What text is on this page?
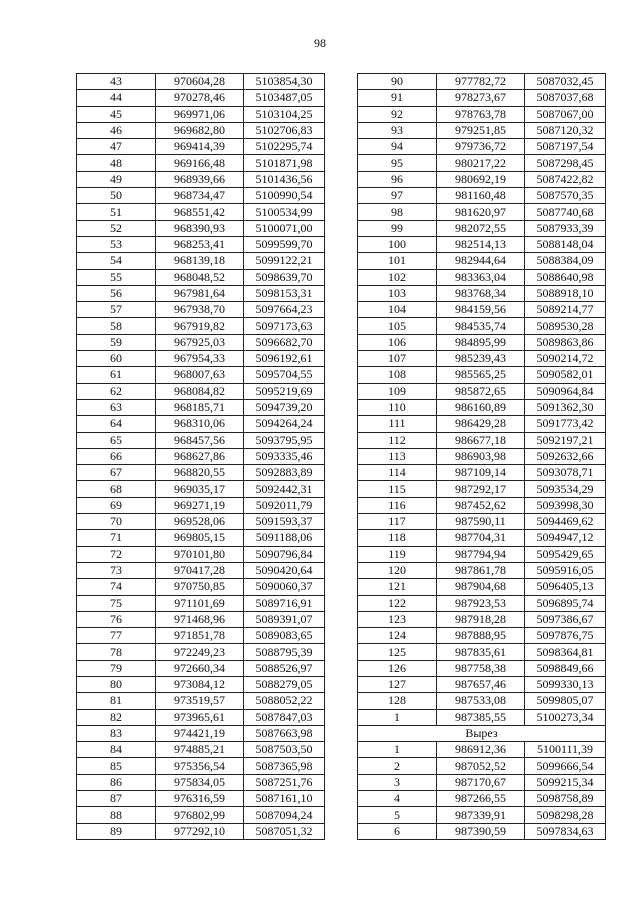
98
43	970604,28	5103854,30
44	970278,46	5103487,05
45	969971,06	5103104,25
46	969682,80	5102706,83
47	969414,39	5102295,74
48	969166,48	5101871,98
49	968939,66	5101436,56
50	968734,47	5100990,54
51	968551,42	5100534,99
52	968390,93	5100071,00
53	968253,41	5099599,70
54	968139,18	5099122,21
55	968048,52	5098639,70
56	967981,64	5098153,31
57	967938,70	5097664,23
58	967919,82	5097173,63
59	967925,03	5096682,70
60	967954,33	5096192,61
61	968007,63	5095704,55
62	968084,82	5095219,69
63	968185,71	5094739,20
64	968310,06	5094264,24
65	968457,56	5093795,95
66	968627,86	5093335,46
67	968820,55	5092883,89
68	969035,17	5092442,31
69	969271,19	5092011,79
70	969528,06	5091593,37
71	969805,15	5091188,06
72	970101,80	5090796,84
73	970417,28	5090420,64
74	970750,85	5090060,37
75	971101,69	5089716,91
76	971468,96	5089391,07
77	971851,78	5089083,65
78	972249,23	5088795,39
79	972660,34	5088526,97
80	973084,12	5088279,05
81	973519,57	5088052,22
82	973965,61	5087847,03
83	974421,19	5087663,98
84	974885,21	5087503,50
85	975356,54	5087365,98
86	975834,05	5087251,76
87	976316,59	5087161,10
88	976802,99	5087094,24
89	977292,10	5087051,32
90	977782,72	5087032,45
91	978273,67	5087037,68
92	978763,78	5087067,00
93	979251,85	5087120,32
94	979736,72	5087197,54
95	980217,22	5087298,45
96	980692,19	5087422,82
97	981160,48	5087570,35
98	981620,97	5087740,68
99	982072,55	5087933,39
100	982514,13	5088148,04
101	982944,64	5088384,09
102	983363,04	5088640,98
103	983768,34	5088918,10
104	984159,56	5089214,77
105	984535,74	5089530,28
106	984895,99	5089863,86
107	985239,43	5090214,72
108	985565,25	5090582,01
109	985872,65	5090964,84
110	986160,89	5091362,30
111	986429,28	5091773,42
112	986677,18	5092197,21
113	986903,98	5092632,66
114	987109,14	5093078,71
115	987292,17	5093534,29
116	987452,62	5093998,30
117	987590,11	5094469,62
118	987704,31	5094947,12
119	987794,94	5095429,65
120	987861,78	5095916,05
121	987904,68	5096405,13
122	987923,53	5096895,74
123	987918,28	5097386,67
124	987888,95	5097876,75
125	987835,61	5098364,81
126	987758,38	5098849,66
127	987657,46	5099330,13
128	987533,08	5099805,07
1	987385,55	5100273,34
Вырез		
1	986912,36	5100111,39
2	987052,52	5099666,54
3	987170,67	5099215,34
4	987266,55	5098758,89
5	987339,91	5098298,28
6	987390,59	5097834,63
